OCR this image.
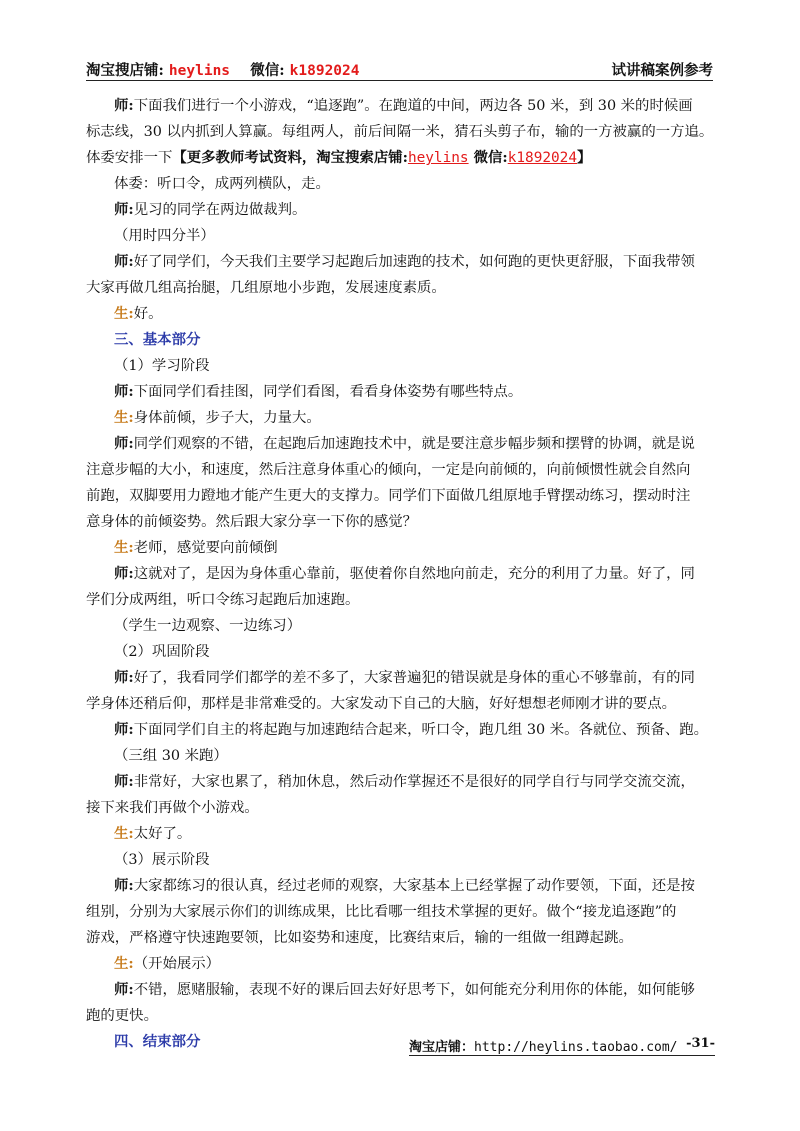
淘宝搜店铺: heylins 微信: k1892024	试讲稿案例参考

师:下面我们进行一个小游戏，“追逐跑”。在跑道的中间，两边各 50 米，到 30 米的时候画

标志线，30 以内抓到人算赢。每组两人，前后间隔一米，猜石头剪子布，输的一方被赢的一方追。

体委安排一下【更多教师考试资料，淘宝搜索店铺:heylins 微信:k1892024】

体委：听口令，成两列横队，走。

师:见习的同学在两边做裁判。

（用时四分半）

师:好了同学们，今天我们主要学习起跑后加速跑的技术，如何跑的更快更舒服，下面我带领

大家再做几组高抬腿，几组原地小步跑，发展速度素质。

生:好。

三、基本部分

（1）学习阶段

师:下面同学们看挂图，同学们看图，看看身体姿势有哪些特点。

生:身体前倾，步子大，力量大。

师:同学们观察的不错，在起跑后加速跑技术中，就是要注意步幅步频和摆臂的协调，就是说

注意步幅的大小，和速度，然后注意身体重心的倾向，一定是向前倾的，向前倾惯性就会自然向

前跑，双脚要用力蹬地才能产生更大的支撑力。同学们下面做几组原地手臂摆动练习，摆动时注

意身体的前倾姿势。然后跟大家分享一下你的感觉？

生:老师，感觉要向前倾倒

师:这就对了，是因为身体重心靠前，驱使着你自然地向前走，充分的利用了力量。好了，同

学们分成两组，听口令练习起跑后加速跑。

（学生一边观察、一边练习）

（2）巩固阶段

师:好了，我看同学们都学的差不多了，大家普遍犯的错误就是身体的重心不够靠前，有的同

学身体还稍后仰，那样是非常难受的。大家发动下自己的大脑，好好想想老师刚才讲的要点。

师:下面同学们自主的将起跑与加速跑结合起来，听口令，跑几组 30 米。各就位、预备、跑。

（三组 30 米跑）

师:非常好，大家也累了，稍加休息，然后动作掌握还不是很好的同学自行与同学交流交流，

接下来我们再做个小游戏。

生:太好了。

（3）展示阶段

师:大家都练习的很认真，经过老师的观察，大家基本上已经掌握了动作要领，下面，还是按

组别，分别为大家展示你们的训练成果，比比看哪一组技术掌握的更好。做个“接龙追逐跑”的

游戏，严格遵守快速跑要领，比如姿势和速度，比赛结束后，输的一组做一组蹲起跳。

生:（开始展示）

师:不错，愿赌服输，表现不好的课后回去好好思考下，如何能充分利用你的体能，如何能够

跑的更快。

四、结束部分	淘宝店铺：http://heylins.taobao.com/ -31-
